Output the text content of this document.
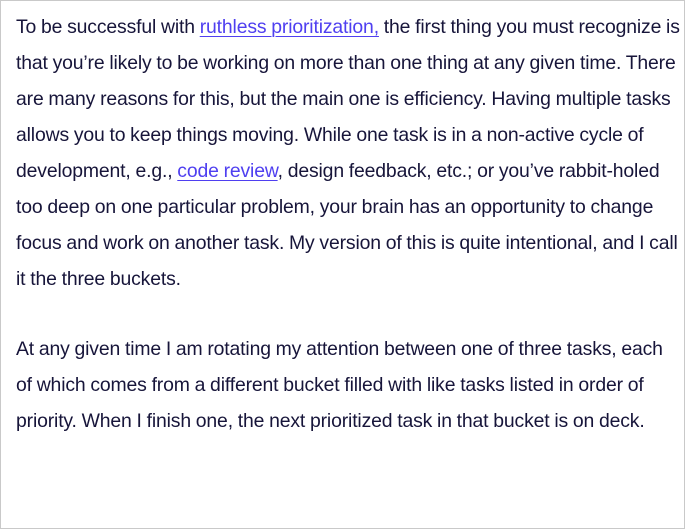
To be successful with ruthless prioritization, the first thing you must recognize is that you’re likely to be working on more than one thing at any given time. There are many reasons for this, but the main one is efficiency. Having multiple tasks allows you to keep things moving. While one task is in a non-active cycle of development, e.g., code review, design feedback, etc.; or you’ve rabbit-holed too deep on one particular problem, your brain has an opportunity to change focus and work on another task. My version of this is quite intentional, and I call it the three buckets.

At any given time I am rotating my attention between one of three tasks, each of which comes from a different bucket filled with like tasks listed in order of priority. When I finish one, the next prioritized task in that bucket is on deck.
